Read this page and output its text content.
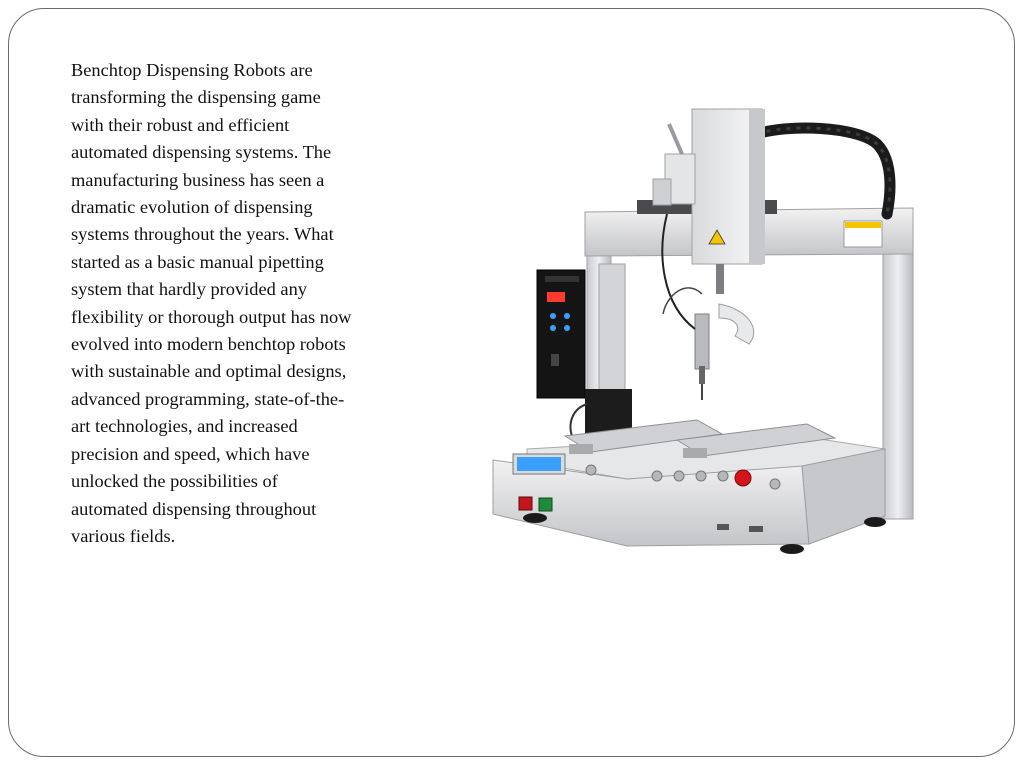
Benchtop Dispensing Robots are
transforming the dispensing game
with their robust and efficient
automated dispensing systems. The
manufacturing business has seen a
dramatic evolution of dispensing
systems throughout the years. What
started as a basic manual pipetting
system that hardly provided any
flexibility or thorough output has now
evolved into modern benchtop robots
with sustainable and optimal designs,
advanced programming, state-of-the-
art technologies, and increased
precision and speed, which have
unlocked the possibilities of
automated dispensing throughout
various fields.
